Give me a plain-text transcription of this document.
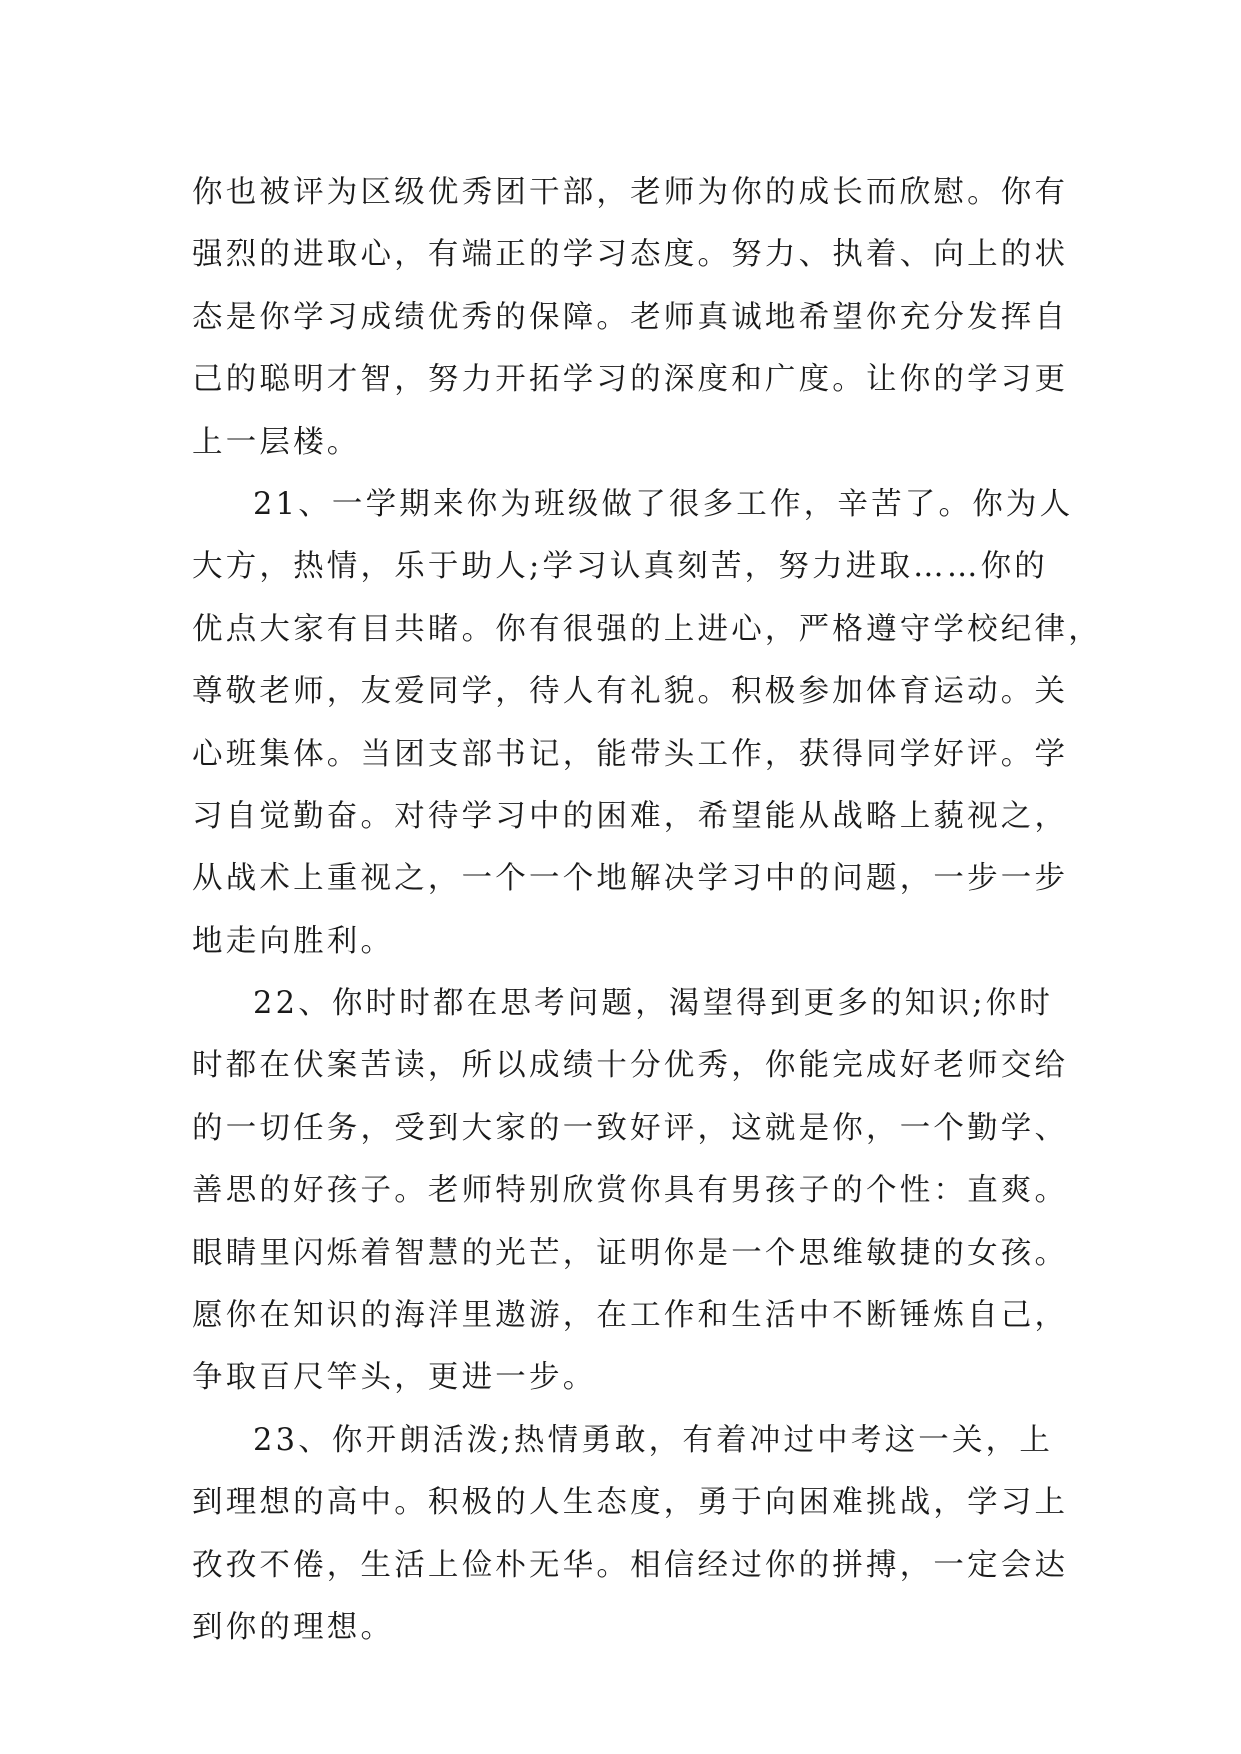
你也被评为区级优秀团干部，老师为你的成长而欣慰。你有
强烈的进取心，有端正的学习态度。努力、执着、向上的状
态是你学习成绩优秀的保障。老师真诚地希望你充分发挥自
己的聪明才智，努力开拓学习的深度和广度。让你的学习更
上一层楼。
21、一学期来你为班级做了很多工作，辛苦了。你为人
大方，热情，乐于助人;学习认真刻苦，努力进取……你的
优点大家有目共睹。你有很强的上进心，严格遵守学校纪律，
尊敬老师，友爱同学，待人有礼貌。积极参加体育运动。关
心班集体。当团支部书记，能带头工作，获得同学好评。学
习自觉勤奋。对待学习中的困难，希望能从战略上藐视之，
从战术上重视之，一个一个地解决学习中的问题，一步一步
地走向胜利。
22、你时时都在思考问题，渴望得到更多的知识;你时
时都在伏案苦读，所以成绩十分优秀，你能完成好老师交给
的一切任务，受到大家的一致好评，这就是你，一个勤学、
善思的好孩子。老师特别欣赏你具有男孩子的个性：直爽。
眼睛里闪烁着智慧的光芒，证明你是一个思维敏捷的女孩。
愿你在知识的海洋里遨游，在工作和生活中不断锤炼自己，
争取百尺竿头，更进一步。
23、你开朗活泼;热情勇敢，有着冲过中考这一关，上
到理想的高中。积极的人生态度，勇于向困难挑战，学习上
孜孜不倦，生活上俭朴无华。相信经过你的拼搏，一定会达
到你的理想。
